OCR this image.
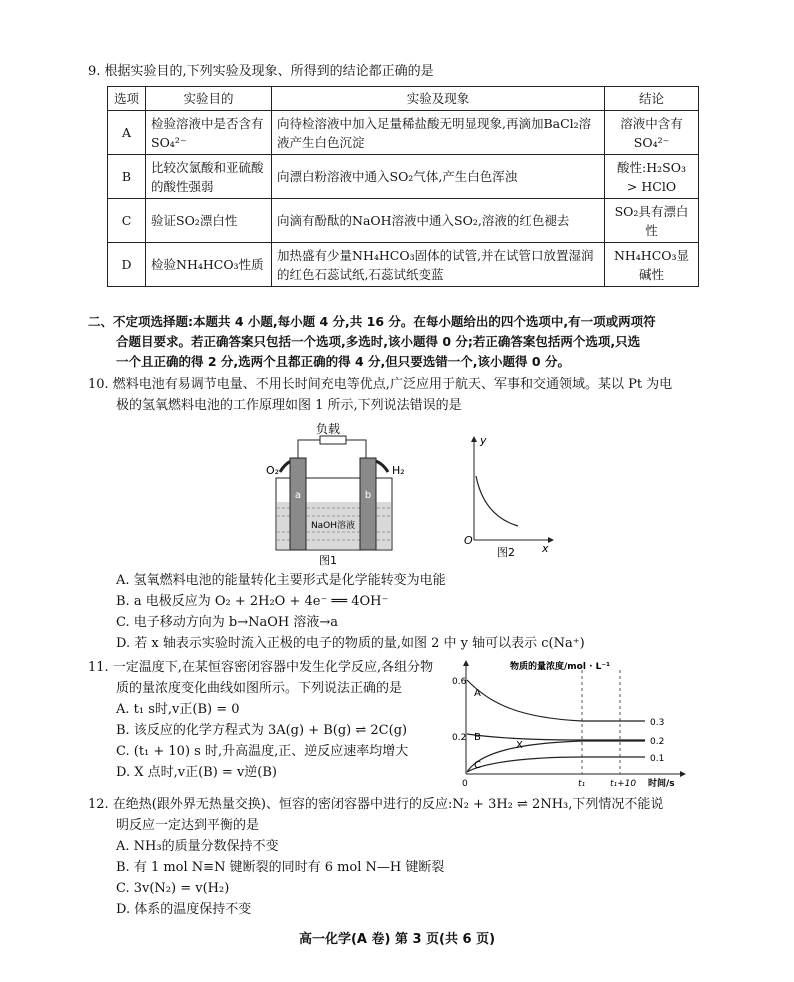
9. 根据实验目的,下列实验及现象、所得到的结论都正确的是
选项	实验目的	实验及现象	结论
A	检验溶液中是否含有SO₄²⁻	向待检溶液中加入足量稀盐酸无明显现象,再滴加BaCl₂溶液产生白色沉淀	溶液中含有SO₄²⁻
B	比较次氯酸和亚硫酸的酸性强弱	向漂白粉溶液中通入SO₂气体,产生白色浑浊	酸性:H₂SO₃ > HClO
C	验证SO₂漂白性	向滴有酚酞的NaOH溶液中通入SO₂,溶液的红色褪去	SO₂具有漂白性
D	检验NH₄HCO₃性质	加热盛有少量NH₄HCO₃固体的试管,并在试管口放置湿润的红色石蕊试纸,石蕊试纸变蓝	NH₄HCO₃显碱性
二、不定项选择题:本题共 4 小题,每小题 4 分,共 16 分。在每小题给出的四个选项中,有一项或两项符
合题目要求。若正确答案只包括一个选项,多选时,该小题得 0 分;若正确答案包括两个选项,只选
一个且正确的得 2 分,选两个且都正确的得 4 分,但只要选错一个,该小题得 0 分。
10. 燃料电池有易调节电量、不用长时间充电等优点,广泛应用于航天、军事和交通领域。某以 Pt 为电
极的氢氧燃料电池的工作原理如图 1 所示,下列说法错误的是
负载
O₂	H₂
a	b
NaOH溶液
图1
y
x
O
图2
A. 氢氧燃料电池的能量转化主要形式是化学能转变为电能
B. a 电极反应为 O₂ + 2H₂O + 4e⁻ ══ 4OH⁻
C. 电子移动方向为 b→NaOH 溶液→a
D. 若 x 轴表示实验时流入正极的电子的物质的量,如图 2 中 y 轴可以表示 c(Na⁺)
11. 一定温度下,在某恒容密闭容器中发生化学反应,各组分物
质的量浓度变化曲线如图所示。下列说法正确的是
A. t₁ s时,v正(B) = 0
B. 该反应的化学方程式为 3A(g) + B(g) ⇌ 2C(g)
C. (t₁ + 10) s 时,升高温度,正、逆反应速率均增大
D. X 点时,v正(B) = v逆(B)
物质的量浓度/mol · L⁻¹
0.6
0.2
A
B
C
X
0.3
0.2
0.1
0	t₁	t₁+10 时间/s
12. 在绝热(跟外界无热量交换)、恒容的密闭容器中进行的反应:N₂ + 3H₂ ⇌ 2NH₃,下列情况不能说
明反应一定达到平衡的是
A. NH₃的质量分数保持不变
B. 有 1 mol N≡N 键断裂的同时有 6 mol N—H 键断裂
C. 3v(N₂) = v(H₂)
D. 体系的温度保持不变
高一化学(A 卷) 第 3 页(共 6 页)
